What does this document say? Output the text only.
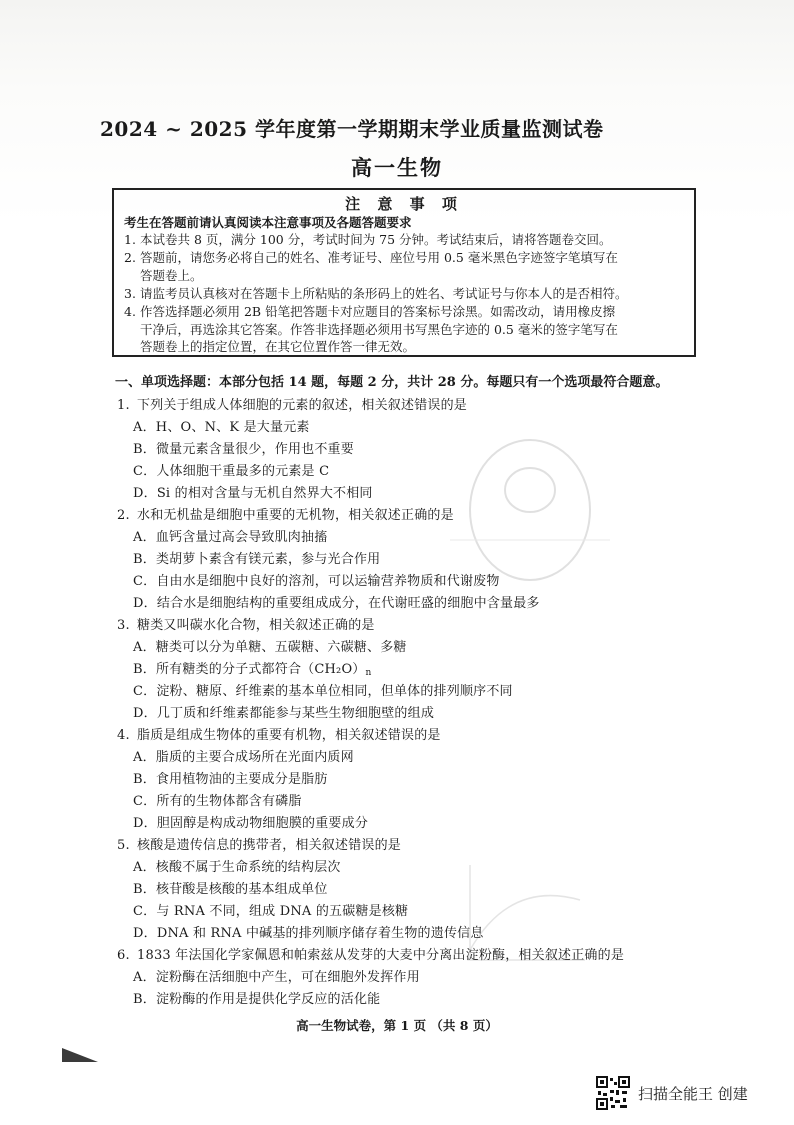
2024 ~ 2025 学年度第一学期期末学业质量监测试卷
高一生物
注 意 事 项
考生在答题前请认真阅读本注意事项及各题答题要求
1. 本试卷共 8 页，满分 100 分，考试时间为 75 分钟。考试结束后，请将答题卷交回。
2. 答题前，请您务必将自己的姓名、准考证号、座位号用 0.5 毫米黑色字迹签字笔填写在
答题卷上。
3. 请监考员认真核对在答题卡上所粘贴的条形码上的姓名、考试证号与你本人的是否相符。
4. 作答选择题必须用 2B 铅笔把答题卡对应题目的答案标号涂黑。如需改动，请用橡皮擦
干净后，再选涂其它答案。作答非选择题必须用书写黑色字迹的 0.5 毫米的签字笔写在
答题卷上的指定位置，在其它位置作答一律无效。
一、单项选择题：本部分包括 14 题，每题 2 分，共计 28 分。每题只有一个选项最符合题意。
1. 下列关于组成人体细胞的元素的叙述，相关叙述错误的是
A．H、O、N、K 是大量元素
B．微量元素含量很少，作用也不重要
C．人体细胞干重最多的元素是 C
D．Si 的相对含量与无机自然界大不相同
2. 水和无机盐是细胞中重要的无机物，相关叙述正确的是
A．血钙含量过高会导致肌肉抽搐
B．类胡萝卜素含有镁元素，参与光合作用
C．自由水是细胞中良好的溶剂，可以运输营养物质和代谢废物
D．结合水是细胞结构的重要组成成分，在代谢旺盛的细胞中含量最多
3. 糖类又叫碳水化合物，相关叙述正确的是
A．糖类可以分为单糖、五碳糖、六碳糖、多糖
B．所有糖类的分子式都符合$(CH_2O)_n$
C．淀粉、糖原、纤维素的基本单位相同，但单体的排列顺序不同
D．几丁质和纤维素都能参与某些生物细胞壁的组成
4. 脂质是组成生物体的重要有机物，相关叙述错误的是
A．脂质的主要合成场所在光面内质网
B．食用植物油的主要成分是脂肪
C．所有的生物体都含有磷脂
D．胆固醇是构成动物细胞膜的重要成分
5. 核酸是遗传信息的携带者，相关叙述错误的是
A．核酸不属于生命系统的结构层次
B．核苷酸是核酸的基本组成单位
C．与 RNA 不同，组成 DNA 的五碳糖是核糖
D．DNA 和 RNA 中碱基的排列顺序储存着生物的遗传信息
6. 1833 年法国化学家佩恩和帕索兹从发芽的大麦中分离出淀粉酶，相关叙述正确的是
A．淀粉酶在活细胞中产生，可在细胞外发挥作用
B．淀粉酶的作用是提供化学反应的活化能
高一生物试卷，第 1 页 （共 8 页）
扫描全能王 创建
